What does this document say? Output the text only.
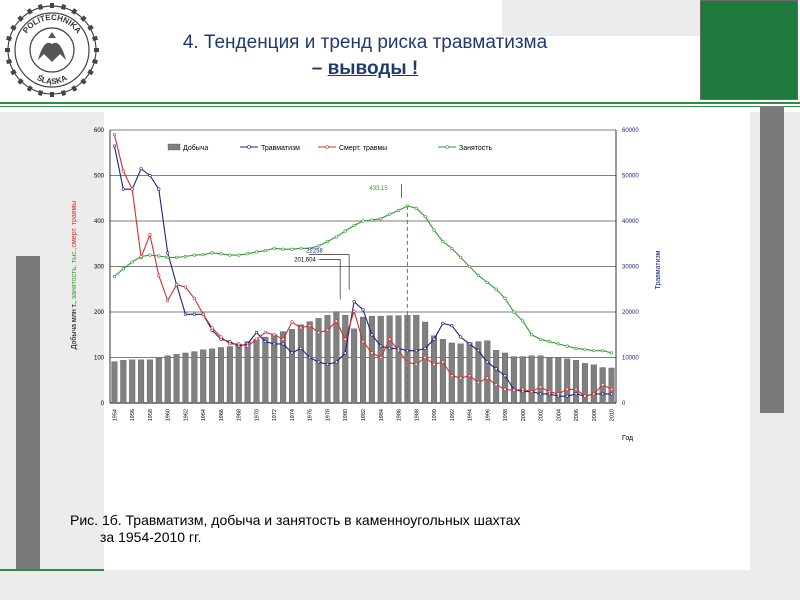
POLITECHNIKA
ŚLĄSKA
4. Тенденция и тренд риска травматизма
– выводы !
0
100
200
300
400
500
600
0
10000
20000
30000
40000
50000
60000
1954 1956 1958 1960 1962 1964 1966 1968 1970 1972 1974 1976 1978 1980 1982 1984 1986 1988 1990 1992 1994 1996 1998 2000 2002 2004 2006 2008 2010
Добыча	Травматизм	Смерт. травмы	Занятость
Добыча млн т., занятость, тыс.,смерт. травмы
Травматизм
Год
433,15
22258
201,604
Рис. 1б. Травматизм, добыча и занятость в каменноугольных шахтах
за 1954-2010 гг.
